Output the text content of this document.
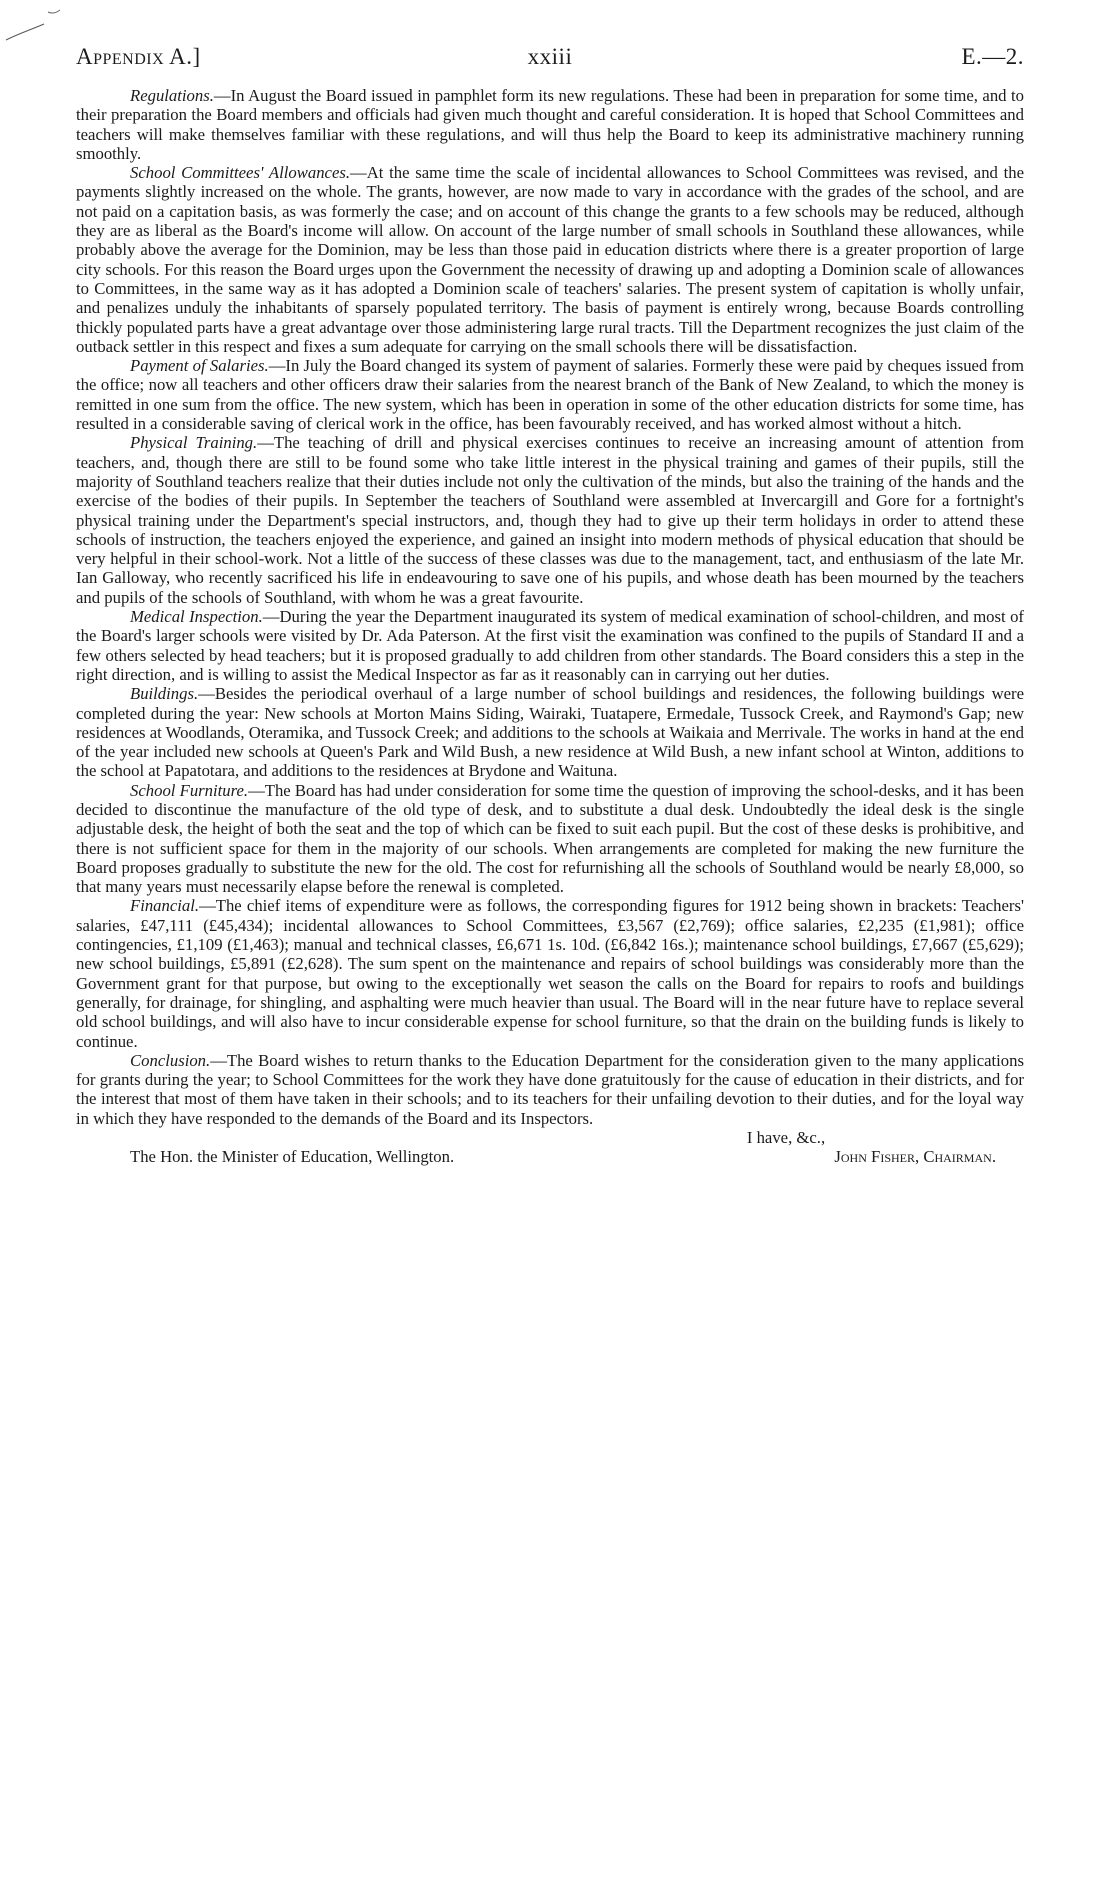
Appendix A.]	xxiii	E.—2.

Regulations.—In August the Board issued in pamphlet form its new regulations. These had been in preparation for some time, and to their preparation the Board members and officials had given much thought and careful consideration. It is hoped that School Committees and teachers will make themselves familiar with these regulations, and will thus help the Board to keep its administrative machinery running smoothly.

School Committees' Allowances.—At the same time the scale of incidental allowances to School Committees was revised, and the payments slightly increased on the whole. The grants, however, are now made to vary in accordance with the grades of the school, and are not paid on a capitation basis, as was formerly the case; and on account of this change the grants to a few schools may be reduced, although they are as liberal as the Board's income will allow. On account of the large number of small schools in Southland these allowances, while probably above the average for the Dominion, may be less than those paid in education districts where there is a greater proportion of large city schools. For this reason the Board urges upon the Government the necessity of drawing up and adopting a Dominion scale of allowances to Committees, in the same way as it has adopted a Dominion scale of teachers' salaries. The present system of capitation is wholly unfair, and penalizes unduly the inhabitants of sparsely populated territory. The basis of payment is entirely wrong, because Boards controlling thickly populated parts have a great advantage over those administering large rural tracts. Till the Department recognizes the just claim of the outback settler in this respect and fixes a sum adequate for carrying on the small schools there will be dissatisfaction.

Payment of Salaries.—In July the Board changed its system of payment of salaries. Formerly these were paid by cheques issued from the office; now all teachers and other officers draw their salaries from the nearest branch of the Bank of New Zealand, to which the money is remitted in one sum from the office. The new system, which has been in operation in some of the other education districts for some time, has resulted in a considerable saving of clerical work in the office, has been favourably received, and has worked almost without a hitch.

Physical Training.—The teaching of drill and physical exercises continues to receive an increasing amount of attention from teachers, and, though there are still to be found some who take little interest in the physical training and games of their pupils, still the majority of Southland teachers realize that their duties include not only the cultivation of the minds, but also the training of the hands and the exercise of the bodies of their pupils. In September the teachers of Southland were assembled at Invercargill and Gore for a fortnight's physical training under the Department's special instructors, and, though they had to give up their term holidays in order to attend these schools of instruction, the teachers enjoyed the experience, and gained an insight into modern methods of physical education that should be very helpful in their school-work. Not a little of the success of these classes was due to the management, tact, and enthusiasm of the late Mr. Ian Galloway, who recently sacrificed his life in endeavouring to save one of his pupils, and whose death has been mourned by the teachers and pupils of the schools of Southland, with whom he was a great favourite.

Medical Inspection.—During the year the Department inaugurated its system of medical examination of school-children, and most of the Board's larger schools were visited by Dr. Ada Paterson. At the first visit the examination was confined to the pupils of Standard II and a few others selected by head teachers; but it is proposed gradually to add children from other standards. The Board considers this a step in the right direction, and is willing to assist the Medical Inspector as far as it reasonably can in carrying out her duties.

Buildings.—Besides the periodical overhaul of a large number of school buildings and residences, the following buildings were completed during the year: New schools at Morton Mains Siding, Wairaki, Tuatapere, Ermedale, Tussock Creek, and Raymond's Gap; new residences at Woodlands, Oteramika, and Tussock Creek; and additions to the schools at Waikaia and Merrivale. The works in hand at the end of the year included new schools at Queen's Park and Wild Bush, a new residence at Wild Bush, a new infant school at Winton, additions to the school at Papatotara, and additions to the residences at Brydone and Waituna.

School Furniture.—The Board has had under consideration for some time the question of improving the school-desks, and it has been decided to discontinue the manufacture of the old type of desk, and to substitute a dual desk. Undoubtedly the ideal desk is the single adjustable desk, the height of both the seat and the top of which can be fixed to suit each pupil. But the cost of these desks is prohibitive, and there is not sufficient space for them in the majority of our schools. When arrangements are completed for making the new furniture the Board proposes gradually to substitute the new for the old. The cost for refurnishing all the schools of Southland would be nearly £8,000, so that many years must necessarily elapse before the renewal is completed.

Financial.—The chief items of expenditure were as follows, the corresponding figures for 1912 being shown in brackets: Teachers' salaries, £47,111 (£45,434); incidental allowances to School Committees, £3,567 (£2,769); office salaries, £2,235 (£1,981); office contingencies, £1,109 (£1,463); manual and technical classes, £6,671 1s. 10d. (£6,842 16s.); maintenance school buildings, £7,667 (£5,629); new school buildings, £5,891 (£2,628). The sum spent on the maintenance and repairs of school buildings was considerably more than the Government grant for that purpose, but owing to the exceptionally wet season the calls on the Board for repairs to roofs and buildings generally, for drainage, for shingling, and asphalting were much heavier than usual. The Board will in the near future have to replace several old school buildings, and will also have to incur considerable expense for school furniture, so that the drain on the building funds is likely to continue.

Conclusion.—The Board wishes to return thanks to the Education Department for the consideration given to the many applications for grants during the year; to School Committees for the work they have done gratuitously for the cause of education in their districts, and for the interest that most of them have taken in their schools; and to its teachers for their unfailing devotion to their duties, and for the loyal way in which they have responded to the demands of the Board and its Inspectors.

I have, &c.,
The Hon. the Minister of Education, Wellington.	John Fisher, Chairman.
